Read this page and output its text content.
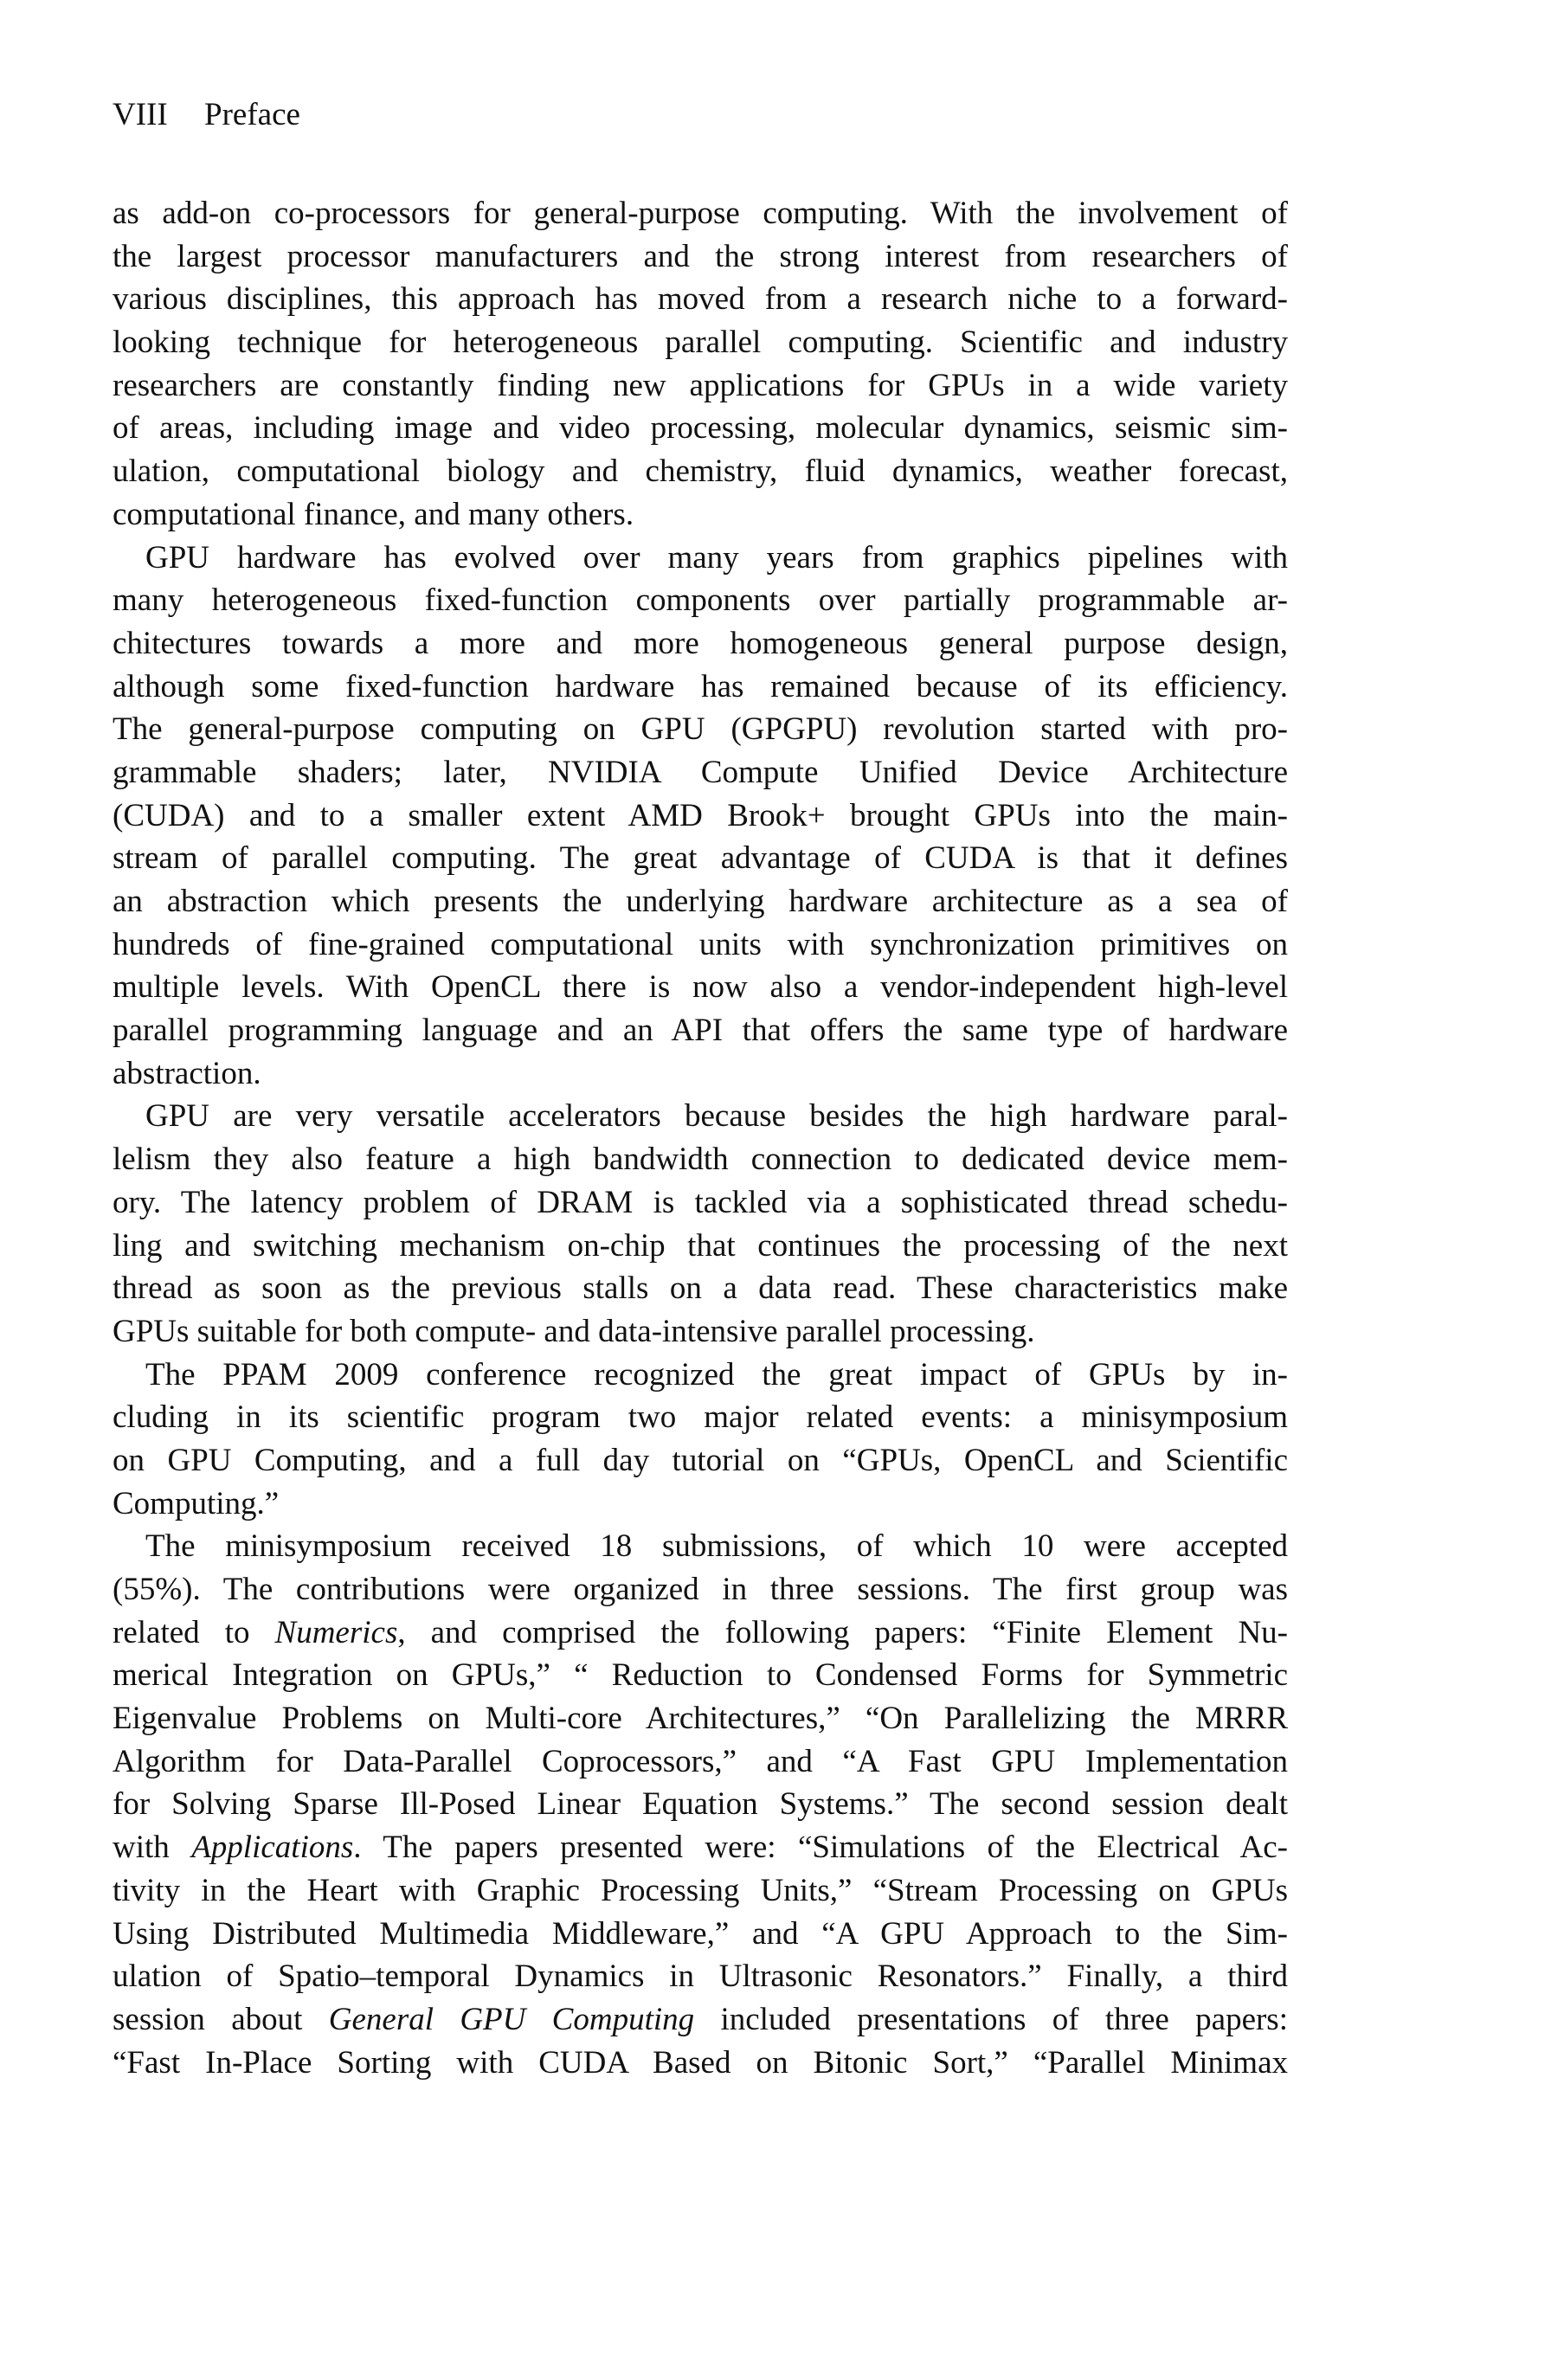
VIII Preface
as add-on co-processors for general-purpose computing. With the involvement of
the largest processor manufacturers and the strong interest from researchers of
various disciplines, this approach has moved from a research niche to a forward-
looking technique for heterogeneous parallel computing. Scientific and industry
researchers are constantly finding new applications for GPUs in a wide variety
of areas, including image and video processing, molecular dynamics, seismic sim-
ulation, computational biology and chemistry, fluid dynamics, weather forecast,
computational finance, and many others.
GPU hardware has evolved over many years from graphics pipelines with
many heterogeneous fixed-function components over partially programmable ar-
chitectures towards a more and more homogeneous general purpose design,
although some fixed-function hardware has remained because of its efficiency.
The general-purpose computing on GPU (GPGPU) revolution started with pro-
grammable shaders; later, NVIDIA Compute Unified Device Architecture
(CUDA) and to a smaller extent AMD Brook+ brought GPUs into the main-
stream of parallel computing. The great advantage of CUDA is that it defines
an abstraction which presents the underlying hardware architecture as a sea of
hundreds of fine-grained computational units with synchronization primitives on
multiple levels. With OpenCL there is now also a vendor-independent high-level
parallel programming language and an API that offers the same type of hardware
abstraction.
GPU are very versatile accelerators because besides the high hardware paral-
lelism they also feature a high bandwidth connection to dedicated device mem-
ory. The latency problem of DRAM is tackled via a sophisticated thread schedu-
ling and switching mechanism on-chip that continues the processing of the next
thread as soon as the previous stalls on a data read. These characteristics make
GPUs suitable for both compute- and data-intensive parallel processing.
The PPAM 2009 conference recognized the great impact of GPUs by in-
cluding in its scientific program two major related events: a minisymposium
on GPU Computing, and a full day tutorial on “GPUs, OpenCL and Scientific
Computing.”
The minisymposium received 18 submissions, of which 10 were accepted
(55%). The contributions were organized in three sessions. The first group was
related to Numerics, and comprised the following papers: “Finite Element Nu-
merical Integration on GPUs,” “ Reduction to Condensed Forms for Symmetric
Eigenvalue Problems on Multi-core Architectures,” “On Parallelizing the MRRR
Algorithm for Data-Parallel Coprocessors,” and “A Fast GPU Implementation
for Solving Sparse Ill-Posed Linear Equation Systems.” The second session dealt
with Applications. The papers presented were: “Simulations of the Electrical Ac-
tivity in the Heart with Graphic Processing Units,” “Stream Processing on GPUs
Using Distributed Multimedia Middleware,” and “A GPU Approach to the Sim-
ulation of Spatio–temporal Dynamics in Ultrasonic Resonators.” Finally, a third
session about General GPU Computing included presentations of three papers:
“Fast In-Place Sorting with CUDA Based on Bitonic Sort,” “Parallel Minimax
